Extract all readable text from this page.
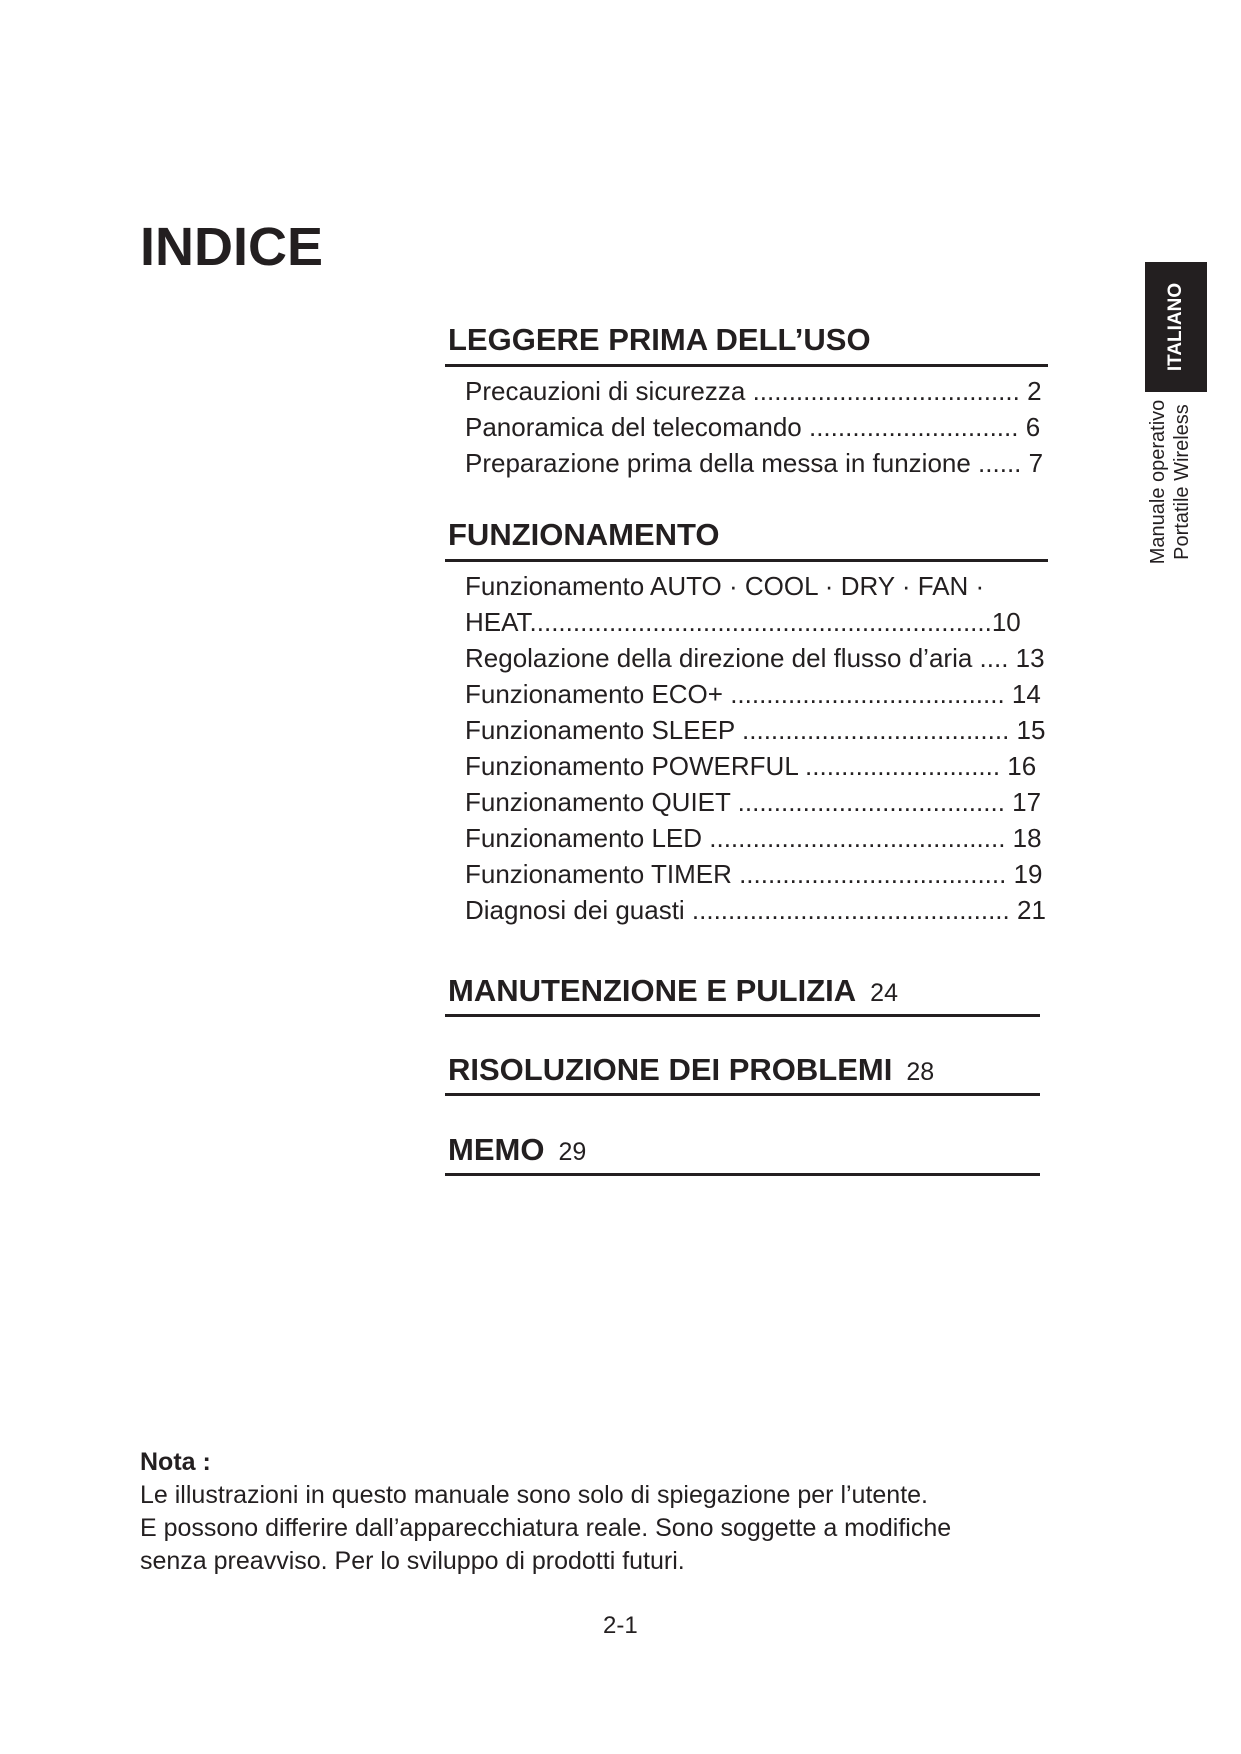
INDICE
ITALIANO
Manuale operativo Portatile Wireless
LEGGERE PRIMA DELL’USO
Precauzioni di sicurezza ..................................... 2
Panoramica del telecomando ............................. 6
Preparazione prima della messa in funzione ...... 7
FUNZIONAMENTO
Funzionamento AUTO · COOL · DRY · FAN ·
HEAT................................................................10
Regolazione della direzione del flusso d’aria .... 13
Funzionamento ECO+ ...................................... 14
Funzionamento SLEEP ..................................... 15
Funzionamento POWERFUL ........................... 16
Funzionamento QUIET ..................................... 17
Funzionamento LED ......................................... 18
Funzionamento TIMER ..................................... 19
Diagnosi dei guasti ............................................ 21
MANUTENZIONE E PULIZIA 24
RISOLUZIONE DEI PROBLEMI 28
MEMO 29
Nota :
Le illustrazioni in questo manuale sono solo di spiegazione per l’utente.
E possono differire dall’apparecchiatura reale. Sono soggette a modifiche
senza preavviso. Per lo sviluppo di prodotti futuri.
2-1
